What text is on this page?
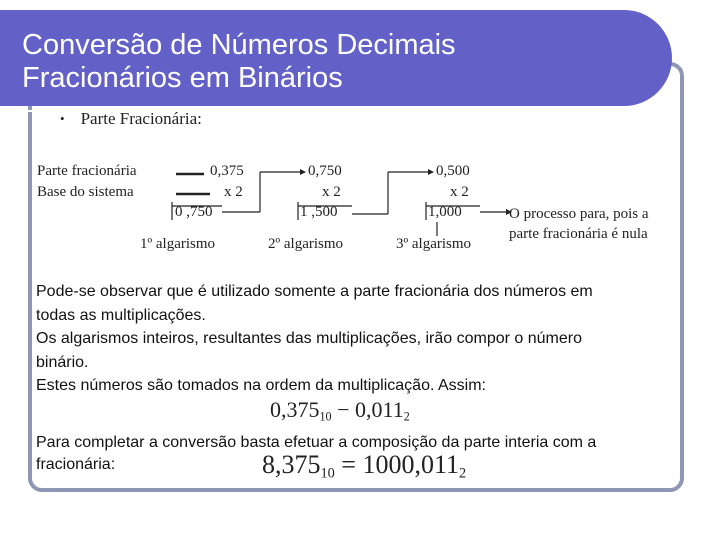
Conversão de Números Decimais
Fracionários em Binários
• Parte Fracionária:
Parte fracionária
Base do sistema
0,375
x 2
0 ,750
1º algarismo
0,750
x 2
1 ,500
2º algarismo
0,500
x 2
1,000
3º algarismo
O processo para, pois a
parte fracionária é nula
Pode-se observar que é utilizado somente a parte fracionária dos números em todas as multiplicações.
Os algarismos inteiros, resultantes das multiplicações, irão compor o número binário.
Estes números são tomados na ordem da multiplicação. Assim:
$0,375_{10} - 0,011_2$
Para completar a conversão basta efetuar a composição da parte interia com a fracionária:	$8,375_{10} = 1000,011_2$
